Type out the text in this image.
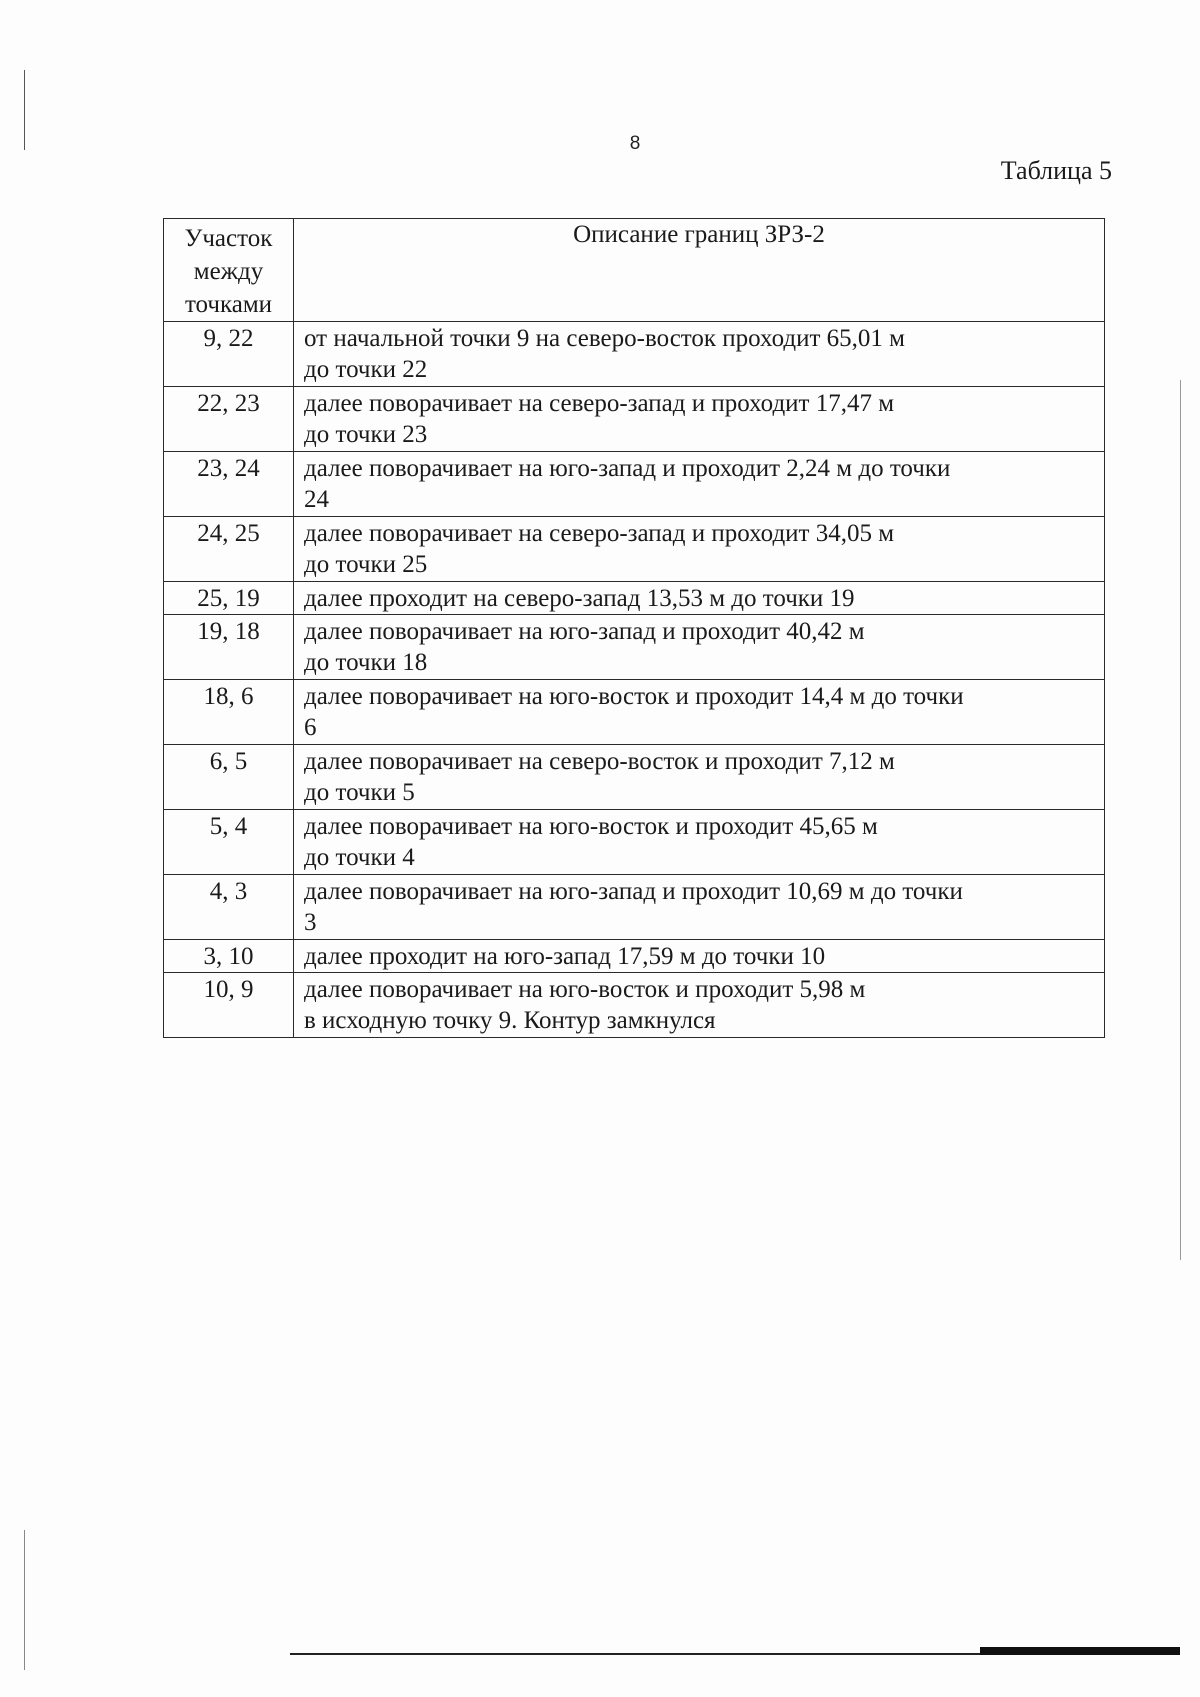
8
Таблица 5
Участок между точками	Описание границ ЗРЗ-2
9, 22	от начальной точки 9 на северо-восток проходит 65,01 м
до точки 22

22, 23	далее поворачивает на северо-запад и проходит 17,47 м
до точки 23

23, 24	далее поворачивает на юго-запад и проходит 2,24 м до точки
24

24, 25	далее поворачивает на северо-запад и проходит 34,05 м
до точки 25

25, 19	далее проходит на северо-запад 13,53 м до точки 19

19, 18	далее поворачивает на юго-запад и проходит 40,42 м
до точки 18

18, 6	далее поворачивает на юго-восток и проходит 14,4 м до точки
6

6, 5	далее поворачивает на северо-восток и проходит 7,12 м
до точки 5

5, 4	далее поворачивает на юго-восток и проходит 45,65 м
до точки 4

4, 3	далее поворачивает на юго-запад и проходит 10,69 м до точки
3

3, 10	далее проходит на юго-запад 17,59 м до точки 10

10, 9	далее поворачивает на юго-восток и проходит 5,98 м
в исходную точку 9. Контур замкнулся
